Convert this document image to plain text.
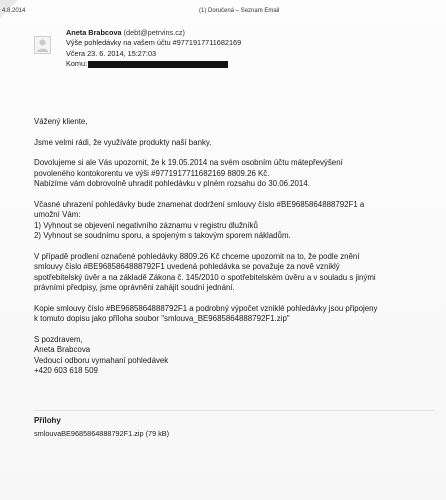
4.8.2014	(1) Doručená – Seznam Email
Aneta Brabcova (debt@petrvins.cz)
Výše pohledávky na vašem účtu #9771917711682169
Včera 23. 6. 2014, 15:27:03
Komu:

Vážený kliente,

Jsme velmi rádi, že využíváte produkty naší banky.

Dovolujeme si ale Vás upozornit, že k 19.05.2014 na svém osobním účtu mátepřevýšení
povoleného kontokorentu ve výši #9771917711682169 8809.26 Kč.
Nabízíme vám dobrovolně uhradit pohledávku v plném rozsahu do 30.06.2014.

Včasné uhrazení pohledávky bude znamenat dodržení smlouvy číslo #BE9685864888792F1 a
umožní Vám:
1) Vyhnout se objevení negativního záznamu v registru dlužníků
2) Vyhnout se soudnímu sporu, a spojeným s takovým sporem nákladům.

V případě prodlení označené pohledávky 8809.26 Kč chceme upozornit na to, že podle znění
smlouvy číslo #BE9685864888792F1 uvedená pohledávka se považuje za nově vzniklý
spotřebitelský úvěr a na základě Zákona č. 145/2010 o spotřebitelském úvěru a v souladu s jinými
právními předpisy, jsme oprávněni zahájit soudní jednání.

Kopie smlouvy číslo #BE9685864888792F1 a podrobný výpočet vzniklé pohledávky jsou připojeny
k tomuto dopisu jako příloha soubor "smlouva_BE9685864888792F1.zip"

S pozdravem,
Aneta Brabcova
Vedoucí odboru vymahaní pohledávek
+420 603 618 509

Přílohy
smlouvaBE9685864888792F1.zip (79 kB)
